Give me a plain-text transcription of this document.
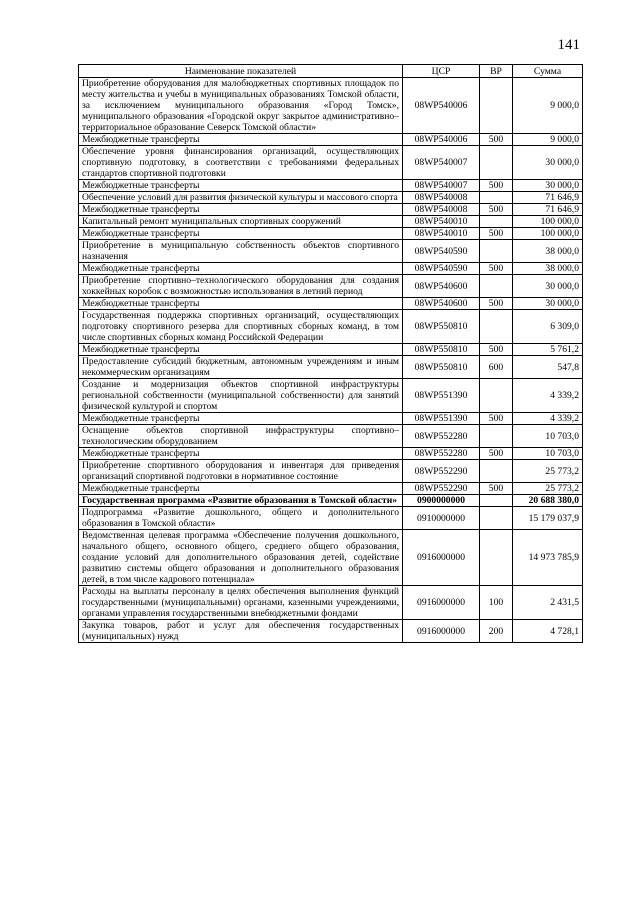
141
Наименование показателей	ЦСР	ВР	Сумма
Приобретение оборудования для малобюджетных спортивных площадок по месту жительства и учебы в муниципальных образованиях Томской области, за исключением муниципального образования «Город Томск», муниципального образования «Городской округ закрытое административно–территориальное образование Северск Томской области»	08WP540006		9 000,0
Межбюджетные трансферты	08WP540006	500	9 000,0
Обеспечение уровня финансирования организаций, осуществляющих спортивную подготовку, в соответствии с требованиями федеральных стандартов спортивной подготовки	08WP540007		30 000,0
Межбюджетные трансферты	08WP540007	500	30 000,0
Обеспечение условий для развития физической культуры и массового спорта	08WP540008		71 646,9
Межбюджетные трансферты	08WP540008	500	71 646,9
Капитальный ремонт муниципальных спортивных сооружений	08WP540010		100 000,0
Межбюджетные трансферты	08WP540010	500	100 000,0
Приобретение в муниципальную собственность объектов спортивного назначения	08WP540590		38 000,0
Межбюджетные трансферты	08WP540590	500	38 000,0
Приобретение спортивно–технологического оборудования для создания хоккейных коробок с возможностью использования в летний период	08WP540600		30 000,0
Межбюджетные трансферты	08WP540600	500	30 000,0
Государственная поддержка спортивных организаций, осуществляющих подготовку спортивного резерва для спортивных сборных команд, в том числе спортивных сборных команд Российской Федерации	08WP550810		6 309,0
Межбюджетные трансферты	08WP550810	500	5 761,2
Предоставление субсидий бюджетным, автономным учреждениям и иным некоммерческим организациям	08WP550810	600	547,8
Создание и модернизация объектов спортивной инфраструктуры региональной собственности (муниципальной собственности) для занятий физической культурой и спортом	08WP551390		4 339,2
Межбюджетные трансферты	08WP551390	500	4 339,2
Оснащение объектов спортивной инфраструктуры спортивно–технологическим оборудованием	08WP552280		10 703,0
Межбюджетные трансферты	08WP552280	500	10 703,0
Приобретение спортивного оборудования и инвентаря для приведения организаций спортивной подготовки в нормативное состояние	08WP552290		25 773,2
Межбюджетные трансферты	08WP552290	500	25 773,2
Государственная программа «Развитие образования в Томской области»	0900000000		20 688 380,0
Подпрограмма «Развитие дошкольного, общего и дополнительного образования в Томской области»	0910000000		15 179 037,9
Ведомственная целевая программа «Обеспечение получения дошкольного, начального общего, основного общего, среднего общего образования, создание условий для дополнительного образования детей, содействие развитию системы общего образования и дополнительного образования детей, в том числе кадрового потенциала»	0916000000		14 973 785,9
Расходы на выплаты персоналу в целях обеспечения выполнения функций государственными (муниципальными) органами, казенными учреждениями, органами управления государственными внебюджетными фондами	0916000000	100	2 431,5
Закупка товаров, работ и услуг для обеспечения государственных (муниципальных) нужд	0916000000	200	4 728,1
